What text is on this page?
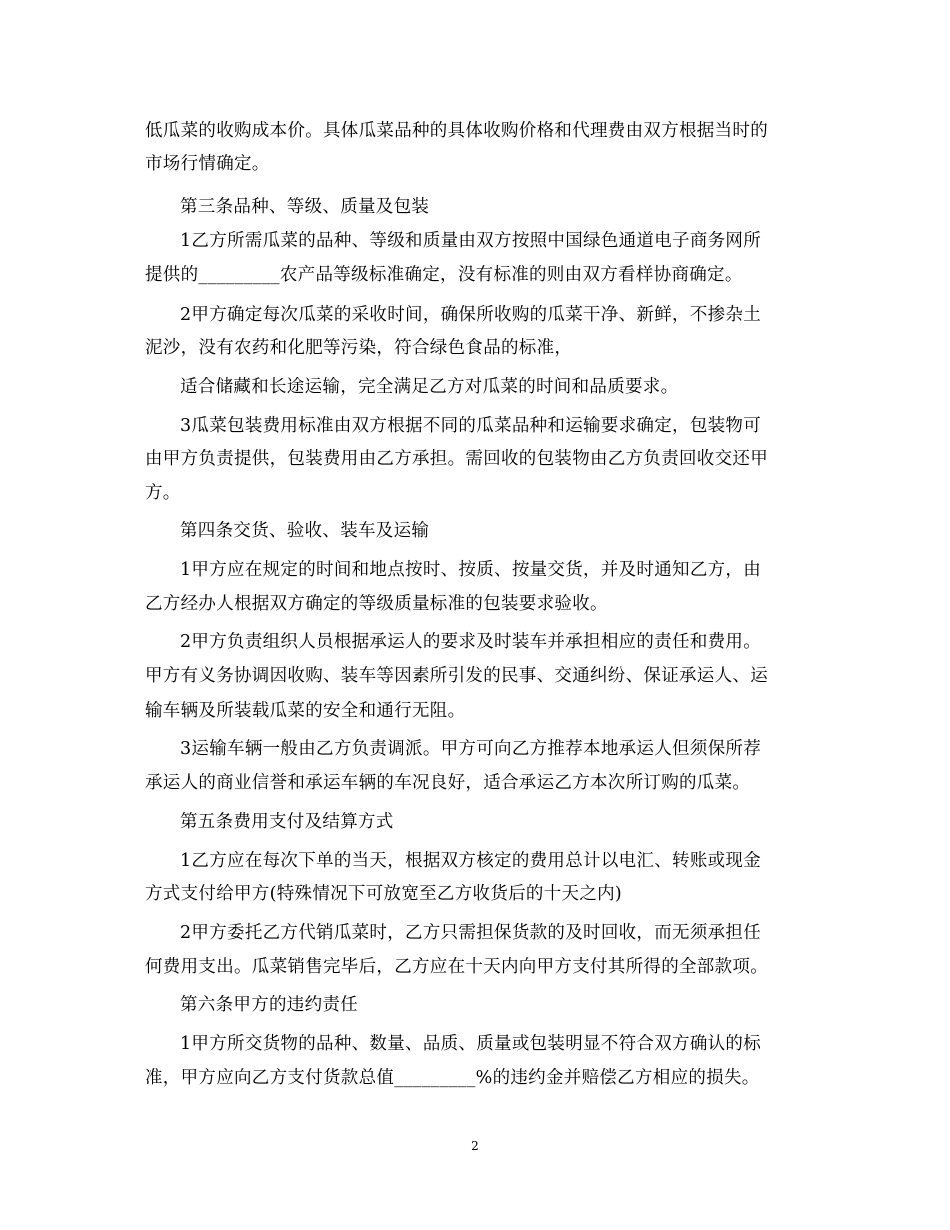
低瓜菜的收购成本价。具体瓜菜品种的具体收购价格和代理费由双方根据当时的
市场行情确定。
第三条品种、等级、质量及包装
1乙方所需瓜菜的品种、等级和质量由双方按照中国绿色通道电子商务网所
提供的_________农产品等级标准确定，没有标准的则由双方看样协商确定。
2甲方确定每次瓜菜的采收时间，确保所收购的瓜菜干净、新鲜，不掺杂土
泥沙，没有农药和化肥等污染，符合绿色食品的标准，
适合储藏和长途运输，完全满足乙方对瓜菜的时间和品质要求。
3瓜菜包装费用标准由双方根据不同的瓜菜品种和运输要求确定，包装物可
由甲方负责提供，包装费用由乙方承担。需回收的包装物由乙方负责回收交还甲
方。
第四条交货、验收、装车及运输
1甲方应在规定的时间和地点按时、按质、按量交货，并及时通知乙方，由
乙方经办人根据双方确定的等级质量标准的包装要求验收。
2甲方负责组织人员根据承运人的要求及时装车并承担相应的责任和费用。
甲方有义务协调因收购、装车等因素所引发的民事、交通纠纷、保证承运人、运
输车辆及所装载瓜菜的安全和通行无阻。
3运输车辆一般由乙方负责调派。甲方可向乙方推荐本地承运人但须保所荐
承运人的商业信誉和承运车辆的车况良好，适合承运乙方本次所订购的瓜菜。
第五条费用支付及结算方式
1乙方应在每次下单的当天，根据双方核定的费用总计以电汇、转账或现金
方式支付给甲方(特殊情况下可放宽至乙方收货后的十天之内)
2甲方委托乙方代销瓜菜时，乙方只需担保货款的及时回收，而无须承担任
何费用支出。瓜菜销售完毕后，乙方应在十天内向甲方支付其所得的全部款项。
第六条甲方的违约责任
1甲方所交货物的品种、数量、品质、质量或包装明显不符合双方确认的标
准，甲方应向乙方支付货款总值_________%的违约金并赔偿乙方相应的损失。
2
